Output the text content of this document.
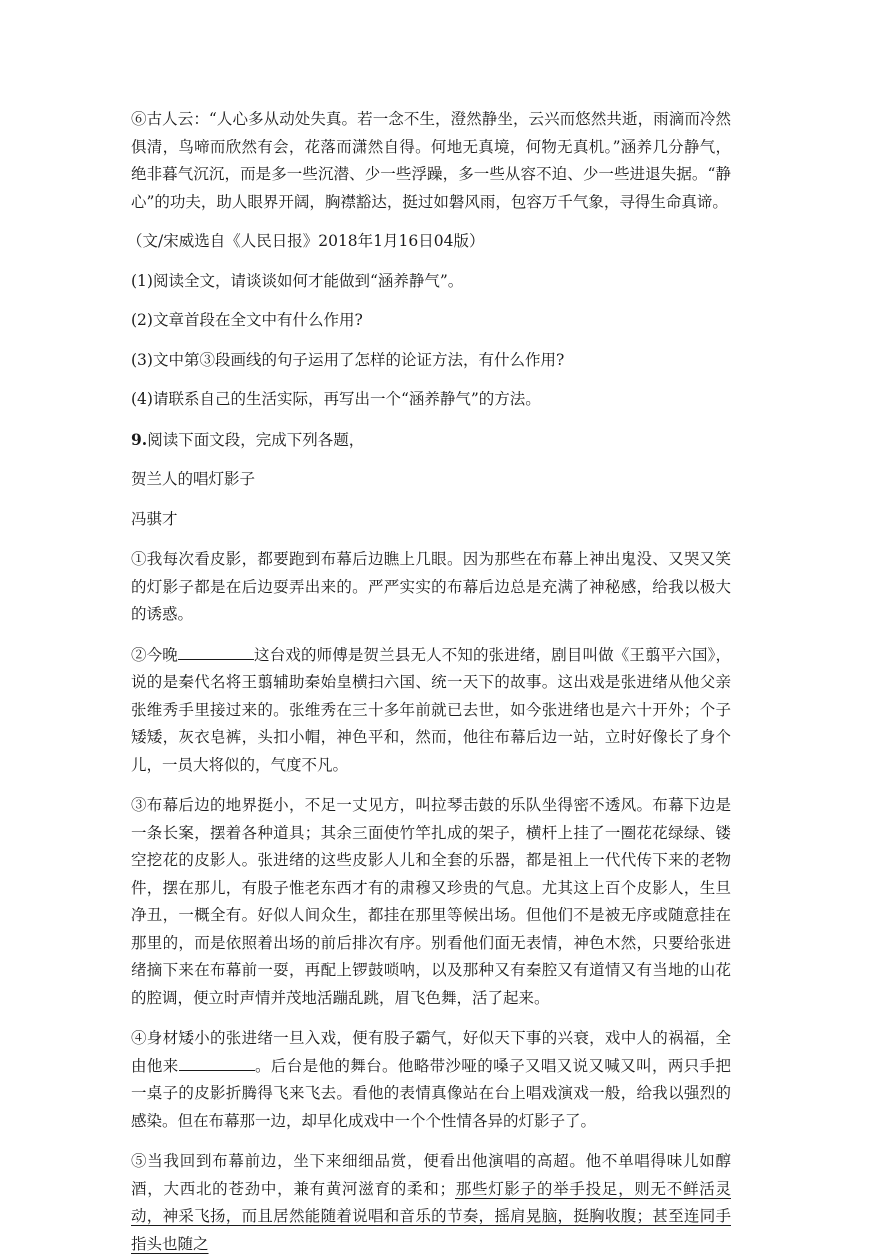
⑥古人云：“人心多从动处失真。若一念不生，澄然静坐，云兴而悠然共逝，雨滴而冷然俱清，鸟啼而欣然有会，花落而潇然自得。何地无真境，何物无真机。”涵养几分静气，绝非暮气沉沉，而是多一些沉潜、少一些浮躁，多一些从容不迫、少一些进退失据。“静心”的功夫，助人眼界开阔，胸襟豁达，挺过如磐风雨，包容万千气象，寻得生命真谛。

（文/宋威选自《人民日报》2018年1月16日04版）

(1)阅读全文，请谈谈如何才能做到“涵养静气”。

(2)文章首段在全文中有什么作用?

(3)文中第③段画线的句子运用了怎样的论证方法，有什么作用?

(4)请联系自己的生活实际，再写出一个“涵养静气”的方法。

9.阅读下面文段，完成下列各题，

贺兰人的唱灯影子

冯骐才

①我每次看皮影，都要跑到布幕后边瞧上几眼。因为那些在布幕上神出鬼没、又哭又笑的灯影子都是在后边耍弄出来的。严严实实的布幕后边总是充满了神秘感，给我以极大的诱惑。

②今晚	这台戏的师傅是贺兰县无人不知的张进绪，剧目叫做《王翦平六国》，说的是秦代名将王翦辅助秦始皇横扫六国、统一天下的故事。这出戏是张进绪从他父亲张维秀手里接过来的。张维秀在三十多年前就已去世，如今张进绪也是六十开外；个子矮矮，灰衣皂裤，头扣小帽，神色平和，然而，他往布幕后边一站，立时好像长了身个儿，一员大将似的，气度不凡。

③布幕后边的地界挺小，不足一丈见方，叫拉琴击鼓的乐队坐得密不透风。布幕下边是一条长案，摆着各种道具；其余三面使竹竿扎成的架子，横杆上挂了一圈花花绿绿、镂空挖花的皮影人。张进绪的这些皮影人儿和全套的乐器，都是祖上一代代传下来的老物件，摆在那儿，有股子惟老东西才有的肃穆又珍贵的气息。尤其这上百个皮影人，生旦净丑，一概全有。好似人间众生，都挂在那里等候出场。但他们不是被无序或随意挂在那里的，而是依照着出场的前后排次有序。别看他们面无表情，神色木然，只要给张进绪摘下来在布幕前一耍，再配上锣鼓唢呐，以及那种又有秦腔又有道情又有当地的山花的腔调，便立时声情并茂地活蹦乱跳，眉飞色舞，活了起来。

④身材矮小的张进绪一旦入戏，便有股子霸气，好似天下事的兴衰，戏中人的祸福，全由他来	。后台是他的舞台。他略带沙哑的嗓子又唱又说又喊又叫，两只手把一桌子的皮影折腾得飞来飞去。看他的表情真像站在台上唱戏演戏一般，给我以强烈的感染。但在布幕那一边，却早化成戏中一个个性情各异的灯影子了。

⑤当我回到布幕前边，坐下来细细品赏，便看出他演唱的高超。他不单唱得味儿如醇酒，大西北的苍劲中，兼有黄河滋育的柔和；那些灯影子的举手投足，则无不鲜活灵动，神采飞扬，而且居然能随着说唱和音乐的节奏，摇肩晃脑，挺胸收腹；甚至连同手指头也随之
